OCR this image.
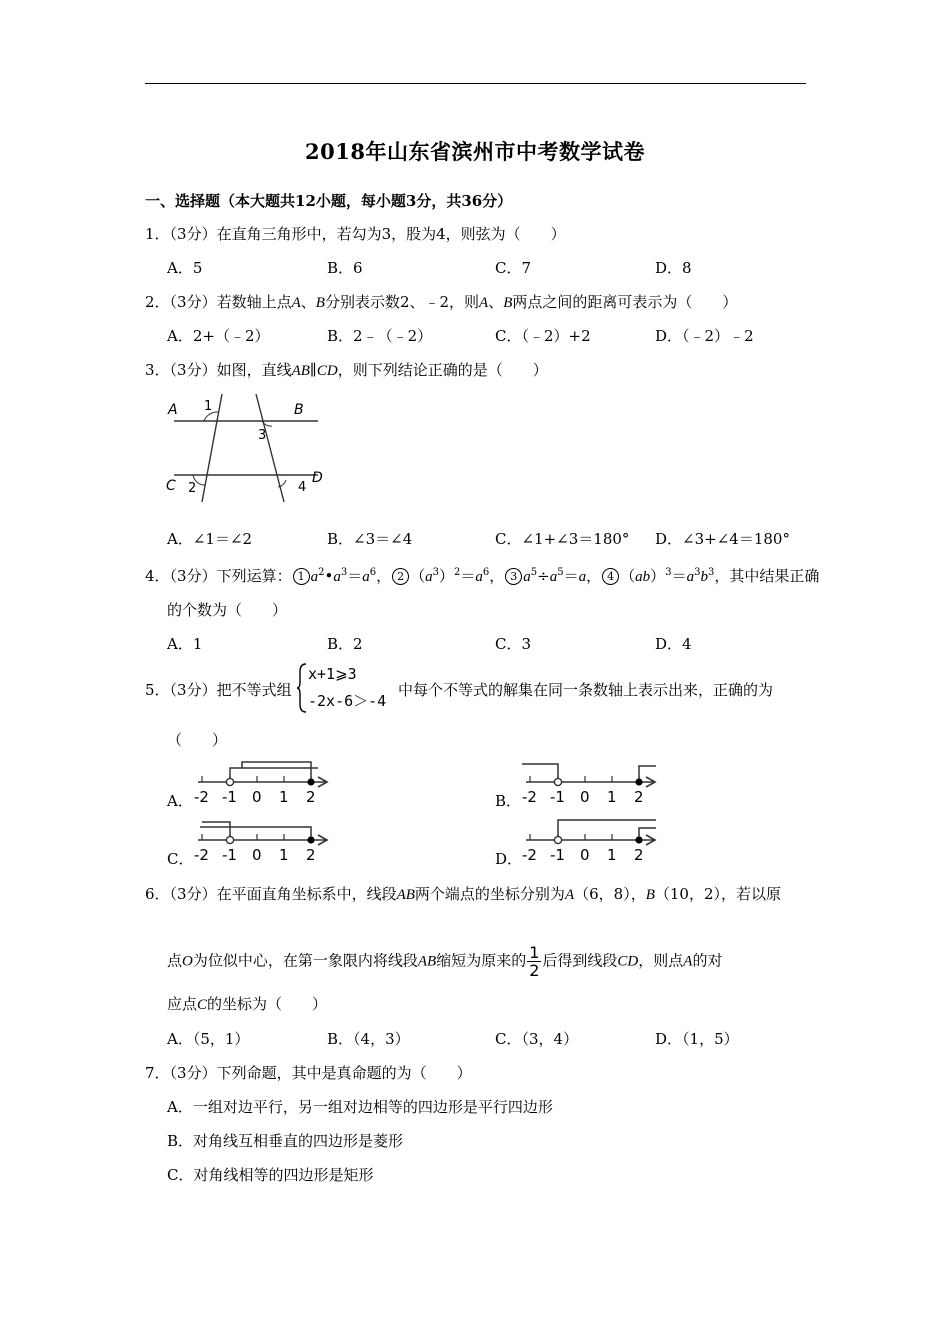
2018年山东省滨州市中考数学试卷
一、选择题（本大题共12小题，每小题3分，共36分）
1．（3分）在直角三角形中，若勾为3，股为4，则弦为（　　）
A．5	B．6	C．7	D．8
2．（3分）若数轴上点A、B分别表示数2、﹣2，则A、B两点之间的距离可表示为（　　）
A．2+（﹣2）	B．2﹣（﹣2）	C．（﹣2）+2	D．（﹣2）﹣2
3．（3分）如图，直线AB∥CD，则下列结论正确的是（　　）
A	B
C	D
1
2
3
4
A．∠1＝∠2	B．∠3＝∠4	C．∠1+∠3＝180° D．∠3+∠4＝180°
4．（3分）下列运算： 1 $a^2•a^3=a^6$， 2 $(a^3)^2=a^6$， 3 $a^5\div a^5=a$， 4 $(ab)^3=a^3b^3$，其中结果正确
的个数为（　　）
A．1	B．2	C．3	D．4
5．（3分）把不等式组
x+1⩾3
-2x-6＞-4
中每个不等式的解集在同一条数轴上表示出来，正确的为
（　　）
A．	B．
C．	D．
-2 -1 0 1 2	-2 -1 0 1 2
-2 -1 0 1 2	-2 -1 0 1 2
6．（3分）在平面直角坐标系中，线段AB两个端点的坐标分别为A（6，8），B（10，2），若以原
点O为位似中心，在第一象限内将线段AB缩短为原来的 $\frac{1}{2}$ 后得到线段CD，则点A的对
应点C的坐标为（　　）
A．（5，1）	B．（4，3）	C．（3，4）	D．（1，5）
7．（3分）下列命题，其中是真命题的为（　　）
A．一组对边平行，另一组对边相等的四边形是平行四边形
B．对角线互相垂直的四边形是菱形
C．对角线相等的四边形是矩形
